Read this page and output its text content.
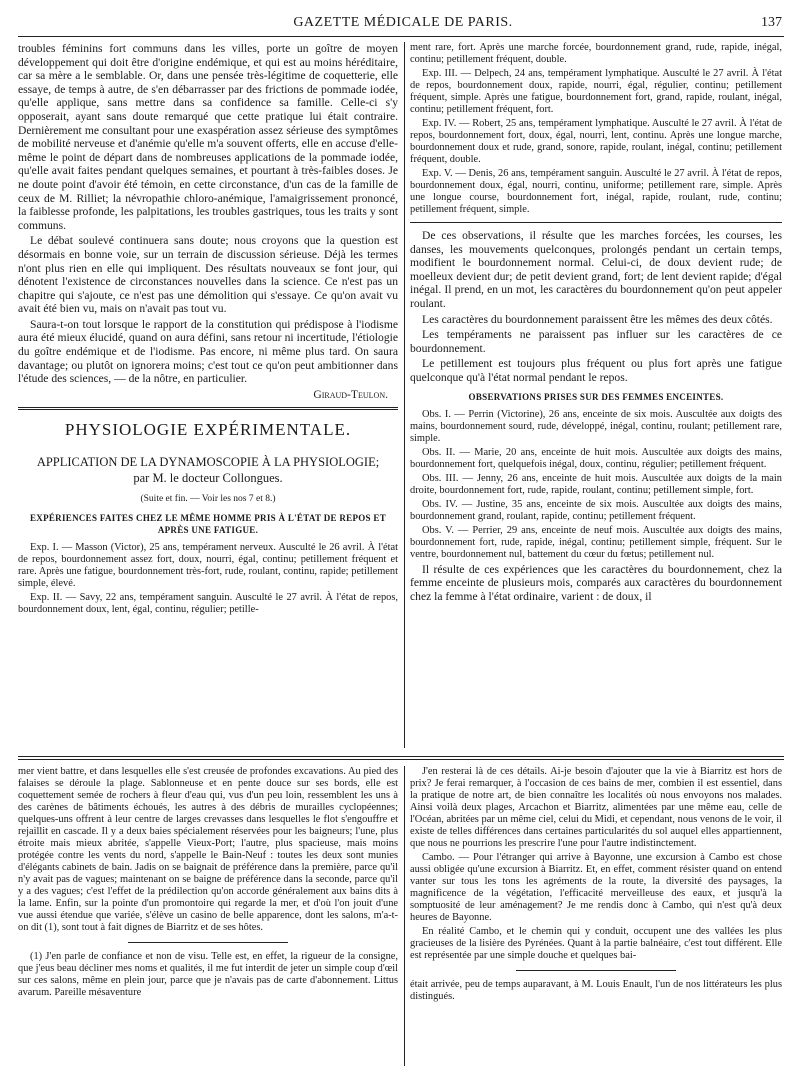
GAZETTE MÉDICALE DE PARIS.	137

troubles féminins fort communs dans les villes, porte un goître de moyen développement qui doit être d'origine endémique, et qui est au moins héréditaire, car sa mère a le semblable. Or, dans une pensée très-légitime de coquetterie, elle essaye, de temps à autre, de s'en débarrasser par des frictions de pommade iodée, qu'elle applique, sans mettre dans sa confidence sa famille. Celle-ci s'y opposerait, ayant sans doute remarqué que cette pratique lui était contraire. Dernièrement me consultant pour une exaspération assez sérieuse des symptômes de mobilité nerveuse et d'anémie qu'elle m'a souvent offerts, elle en accuse d'elle-même le point de départ dans de nombreuses applications de la pommade iodée, qu'elle avait faites pendant quelques semaines, et pourtant à très-faibles doses. Je ne doute point d'avoir été témoin, en cette circonstance, d'un cas de la famille de ceux de M. Rilliet; la névropathie chloro-anémique, l'amaigrissement prononcé, la faiblesse profonde, les palpitations, les troubles gastriques, tous les traits y sont communs.

Le débat soulevé continuera sans doute; nous croyons que la question est désormais en bonne voie, sur un terrain de discussion sérieuse. Déjà les termes n'ont plus rien en elle qui impliquent. Des résultats nouveaux se font jour, qui dénotent l'existence de circonstances nouvelles dans la science. Ce n'est pas un chapitre qui s'ajoute, ce n'est pas une démolition qui s'essaye. Ce qu'on avait vu avait été bien vu, mais on n'avait pas tout vu.

Saura-t-on tout lorsque le rapport de la constitution qui prédispose à l'iodisme aura été mieux élucidé, quand on aura défini, sans retour ni incertitude, l'étiologie du goître endémique et de l'iodisme. Pas encore, ni même plus tard. On saura davantage; ou plutôt on ignorera moins; c'est tout ce qu'on peut ambitionner dans l'étude des sciences, — de la nôtre, en particulier.

Giraud-Teulon.

PHYSIOLOGIE EXPÉRIMENTALE.
APPLICATION DE LA DYNAMOSCOPIE À LA PHYSIOLOGIE;
par M. le docteur Collongues.
(Suite et fin. — Voir les nos 7 et 8.)
EXPÉRIENCES FAITES CHEZ LE MÊME HOMME PRIS À L'ÉTAT DE REPOS ET APRÈS UNE FATIGUE.

Exp. I. — Masson (Victor), 25 ans, tempérament nerveux. Ausculté le 26 avril. À l'état de repos, bourdonnement assez fort, doux, nourri, égal, continu; petillement fréquent et rare. Après une fatigue, bourdonnement très-fort, rude, roulant, continu, rapide; petillement simple, élevé.

Exp. II. — Savy, 22 ans, tempérament sanguin. Ausculté le 27 avril. À l'état de repos, bourdonnement doux, lent, égal, continu, régulier; petille-

ment rare, fort. Après une marche forcée, bourdonnement grand, rude, rapide, inégal, continu; petillement fréquent, double.

Exp. III. — Delpech, 24 ans, tempérament lymphatique. Ausculté le 27 avril. À l'état de repos, bourdonnement doux, rapide, nourri, égal, régulier, continu; petillement fréquent, simple. Après une fatigue, bourdonnement fort, grand, rapide, roulant, inégal, continu; petillement fréquent, fort.

Exp. IV. — Robert, 25 ans, tempérament lymphatique. Ausculté le 27 avril. À l'état de repos, bourdonnement fort, doux, égal, nourri, lent, continu. Après une longue marche, bourdonnement doux et rude, grand, sonore, rapide, roulant, inégal, continu; petillement fréquent, double.

Exp. V. — Denis, 26 ans, tempérament sanguin. Ausculté le 27 avril. À l'état de repos, bourdonnement doux, égal, nourri, continu, uniforme; petillement rare, simple. Après une longue course, bourdonnement fort, inégal, rapide, roulant, rude, continu; petillement fréquent, simple.

De ces observations, il résulte que les marches forcées, les courses, les danses, les mouvements quelconques, prolongés pendant un certain temps, modifient le bourdonnement normal. Celui-ci, de doux devient rude; de moelleux devient dur; de petit devient grand, fort; de lent devient rapide; d'égal inégal. Il prend, en un mot, les caractères du bourdonnement qu'on peut appeler roulant.

Les caractères du bourdonnement paraissent être les mêmes des deux côtés.

Les tempéraments ne paraissent pas influer sur les caractères de ce bourdonnement.

Le petillement est toujours plus fréquent ou plus fort après une fatigue quelconque qu'à l'état normal pendant le repos.

OBSERVATIONS PRISES SUR DES FEMMES ENCEINTES.

Obs. I. — Perrin (Victorine), 26 ans, enceinte de six mois. Auscultée aux doigts des mains, bourdonnement sourd, rude, développé, inégal, continu, roulant; petillement rare, simple.

Obs. II. — Marie, 20 ans, enceinte de huit mois. Auscultée aux doigts des mains, bourdonnement fort, quelquefois inégal, doux, continu, régulier; petillement fréquent.

Obs. III. — Jenny, 26 ans, enceinte de huit mois. Auscultée aux doigts de la main droite, bourdonnement fort, rude, rapide, roulant, continu; petillement simple, fort.

Obs. IV. — Justine, 35 ans, enceinte de six mois. Auscultée aux doigts des mains, bourdonnement grand, roulant, rapide, continu; petillement fréquent.

Obs. V. — Perrier, 29 ans, enceinte de neuf mois. Auscultée aux doigts des mains, bourdonnement fort, rude, rapide, inégal, continu; petillement simple, fréquent. Sur le ventre, bourdonnement nul, battement du cœur du fœtus; petillement nul.

Il résulte de ces expériences que les caractères du bourdonnement, chez la femme enceinte de plusieurs mois, comparés aux caractères du bourdonnement chez la femme à l'état ordinaire, varient : de doux, il

mer vient battre, et dans lesquelles elle s'est creusée de profondes excavations. Au pied des falaises se déroule la plage. Sablonneuse et en pente douce sur ses bords, elle est coquettement semée de rochers à fleur d'eau qui, vus d'un peu loin, ressemblent les uns à des carènes de bâtiments échoués, les autres à des débris de murailles cyclopéennes; quelques-uns offrent à leur centre de larges crevasses dans lesquelles le flot s'engouffre et rejaillit en cascade. Il y a deux baies spécialement réservées pour les baigneurs; l'une, plus étroite mais mieux abritée, s'appelle Vieux-Port; l'autre, plus spacieuse, mais moins protégée contre les vents du nord, s'appelle le Bain-Neuf : toutes les deux sont munies d'élégants cabinets de bain. Jadis on se baignait de préférence dans la première, parce qu'il n'y avait pas de vagues; maintenant on se baigne de préférence dans la seconde, parce qu'il y a des vagues; c'est l'effet de la prédilection qu'on accorde généralement aux bains dits à la lame. Enfin, sur la pointe d'un promontoire qui regarde la mer, et d'où l'on jouit d'une vue aussi étendue que variée, s'élève un casino de belle apparence, dont les salons, m'a-t-on dit (1), sont tout à fait dignes de Biarritz et de ses hôtes.

(1) J'en parle de confiance et non de visu. Telle est, en effet, la rigueur de la consigne, que j'eus beau décliner mes noms et qualités, il me fut interdit de jeter un simple coup d'œil sur ces salons, même en plein jour, parce que je n'avais pas de carte d'abonnement. Littus avarum. Pareille mésaventure

J'en resterai là de ces détails. Ai-je besoin d'ajouter que la vie à Biarritz est hors de prix? Je ferai remarquer, à l'occasion de ces bains de mer, combien il est essentiel, dans la pratique de notre art, de bien connaître les localités où nous envoyons nos malades. Ainsi voilà deux plages, Arcachon et Biarritz, alimentées par une même eau, celle de l'Océan, abritées par un même ciel, celui du Midi, et cependant, nous venons de le voir, il existe de telles différences dans certaines particularités du sol auquel elles appartiennent, que nous ne pourrions les prescrire l'une pour l'autre indistinctement.

Cambo. — Pour l'étranger qui arrive à Bayonne, une excursion à Cambo est chose aussi obligée qu'une excursion à Biarritz. Et, en effet, comment résister quand on entend vanter sur tous les tons les agréments de la route, la diversité des paysages, la magnificence de la végétation, l'efficacité merveilleuse des eaux, et jusqu'à la somptuosité de leur aménagement? Je me rendis donc à Cambo, qui n'est qu'à deux heures de Bayonne.

En réalité Cambo, et le chemin qui y conduit, occupent une des vallées les plus gracieuses de la lisière des Pyrénées. Quant à la partie balnéaire, c'est tout différent. Elle est représentée par une simple douche et quelques bai-

était arrivée, peu de temps auparavant, à M. Louis Enault, l'un de nos littérateurs les plus distingués.
